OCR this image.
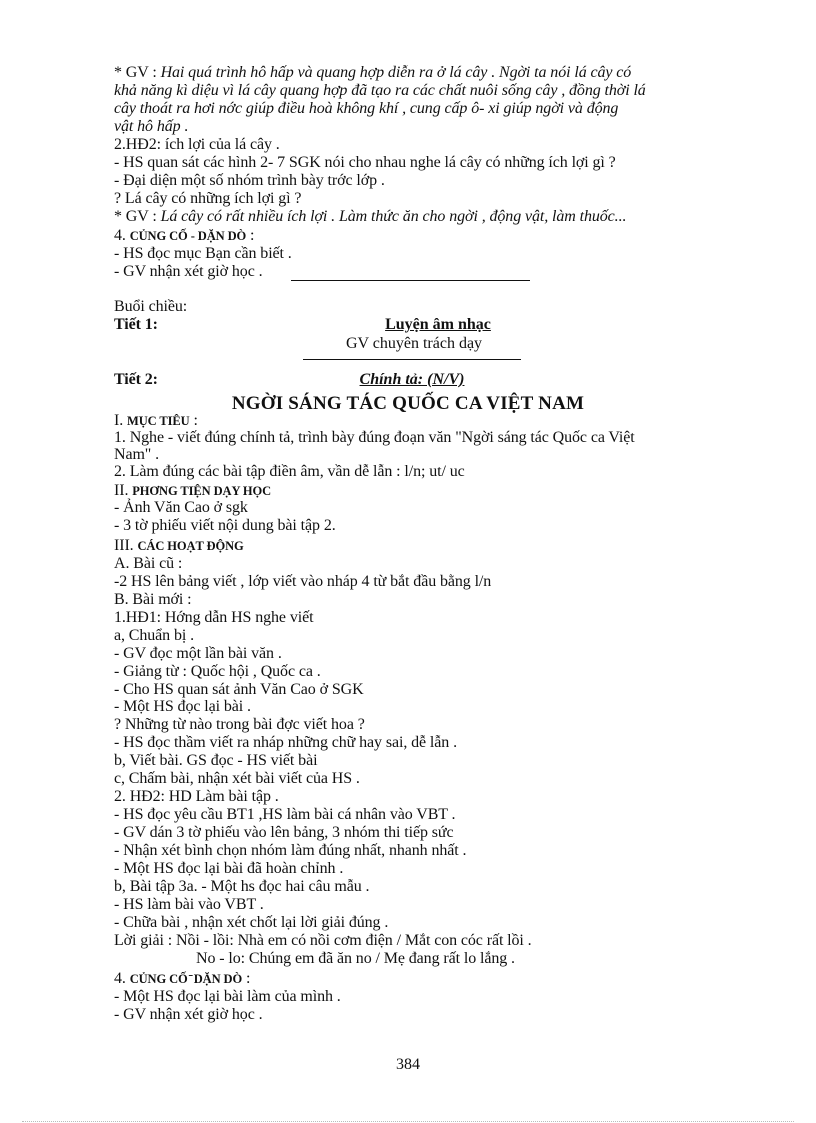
* GV : Hai quá trình hô hấp và quang hợp diễn ra ở lá cây . Ngời ta nói lá cây có
khả năng kì diệu vì lá cây quang hợp đã tạo ra các chất nuôi sống cây , đồng thời lá
cây thoát ra hơi nớc giúp điều hoà không khí , cung cấp ô- xi giúp ngời và động
vật hô hấp .
2.HĐ2: ích lợi của lá cây .
- HS quan sát các hình 2- 7 SGK nói cho nhau nghe lá cây có những ích lợi gì ?
- Đại diện một số nhóm trình bày trớc lớp .
? Lá cây có những ích lợi gì ?
* GV : Lá cây có rất nhiều ích lợi . Làm thức ăn cho ngời , động vật, làm thuốc...
4. CỦNG CỐ - DẶN DÒ :
- HS đọc mục Bạn cần biết .
- GV nhận xét giờ học .
Buổi chiều:
Tiết 1:	Luyện âm nhạc
GV chuyên trách dạy
Tiết 2:	Chính tả: (N/V)
NGỜI SÁNG TÁC QUỐC CA VIỆT NAM
I. MỤC TIÊU :
1. Nghe - viết đúng chính tả, trình bày đúng đoạn văn "Ngời sáng tác Quốc ca Việt
Nam" .
2. Làm đúng các bài tập điền âm, vần dễ lẫn : l/n; ut/ uc
II. PHƠNG TIỆN DẠY HỌC
- Ảnh Văn Cao ở sgk
- 3 tờ phiếu viết nội dung bài tập 2.
III. CÁC HOẠT ĐỘNG
A. Bài cũ :
-2 HS lên bảng viết , lớp viết vào nháp 4 từ bắt đầu bằng l/n
B. Bài mới :
1.HĐ1: Hớng dẫn HS nghe viết
a, Chuẩn bị .
- GV đọc một lần bài văn .
- Giảng từ : Quốc hội , Quốc ca .
- Cho HS quan sát ảnh Văn Cao ở SGK
- Một HS đọc lại bài .
? Những từ nào trong bài đợc viết hoa ?
- HS đọc thầm viết ra nháp những chữ hay sai, dễ lẫn .
b, Viết bài. GS đọc - HS viết bài
c, Chấm bài, nhận xét bài viết của HS .
2. HĐ2: HD Làm bài tập .
- HS đọc yêu cầu BT1 ,HS làm bài cá nhân vào VBT .
- GV dán 3 tờ phiếu vào lên bảng, 3 nhóm thi tiếp sức
- Nhận xét bình chọn nhóm làm đúng nhất, nhanh nhất .
- Một HS đọc lại bài đã hoàn chỉnh .
b, Bài tập 3a. - Một hs đọc hai câu mẫu .
- HS làm bài vào VBT .
- Chữa bài , nhận xét chốt lại lời giải đúng .
Lời giải : Nồi - lồi: Nhà em có nồi cơm điện / Mắt con cóc rất lồi .
No - lo: Chúng em đã ăn no / Mẹ đang rất lo lắng .
4. CỦNG CỐ ̄ DẶN DÒ :
- Một HS đọc lại bài làm của mình .
- GV nhận xét giờ học .
384
